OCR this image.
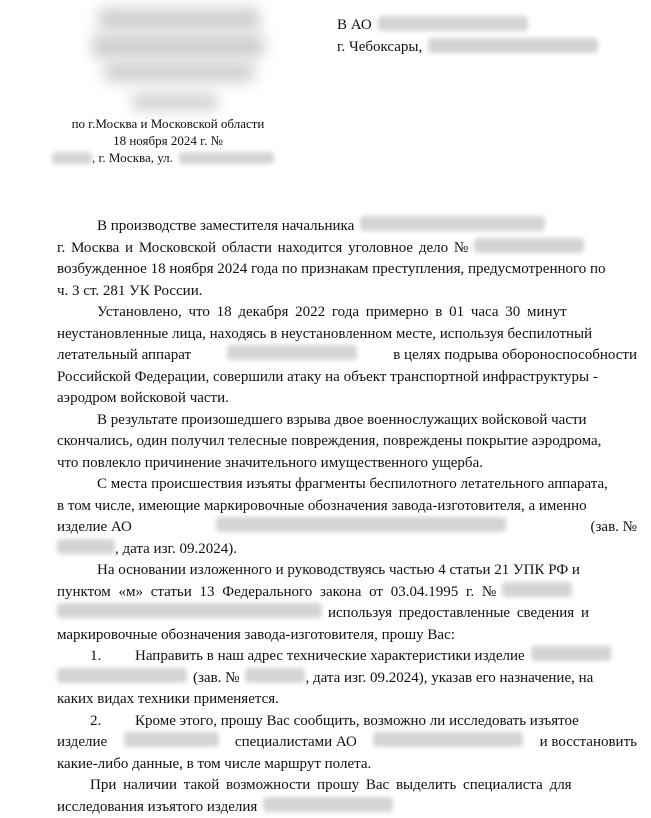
В АО
г. Чебоксары,
по г.Москва и Московской области
18 ноября 2024 г. №
, г. Москва, ул.
В производстве заместителя начальника
г. Москва и Московской области находится уголовное дело №
возбужденное 18 ноября 2024 года по признакам преступления, предусмотренного по
ч. 3 ст. 281 УК России.
Установлено, что 18 декабря 2022 года примерно в 01 часа 30 минут
неустановленные лица, находясь в неустановленном месте, используя беспилотный
летательный аппарат	в целях подрыва обороноспособности
Российской Федерации, совершили атаку на объект транспортной инфраструктуры -
аэродром войсковой части.
В результате произошедшего взрыва двое военнослужащих войсковой части
скончались, один получил телесные повреждения, повреждены покрытие аэродрома,
что повлекло причинение значительного имущественного ущерба.
С места происшествия изъяты фрагменты беспилотного летательного аппарата,
в том числе, имеющие маркировочные обозначения завода-изготовителя, а именно
изделие АО	(зав. №
, дата изг. 09.2024).
На основании изложенного и руководствуясь частью 4 статьи 21 УПК РФ и
пунктом «м» статьи 13 Федерального закона от 03.04.1995 г. №
используя предоставленные сведения и
маркировочные обозначения завода-изготовителя, прошу Вас:
1.	Направить в наш адрес технические характеристики изделие
(зав. №	, дата изг. 09.2024), указав его назначение, на
каких видах техники применяется.
2.	Кроме этого, прошу Вас сообщить, возможно ли исследовать изъятое
изделие	специалистами АО	и восстановить
какие-либо данные, в том числе маршрут полета.
При наличии такой возможности прошу Вас выделить специалиста для
исследования изъятого изделия
